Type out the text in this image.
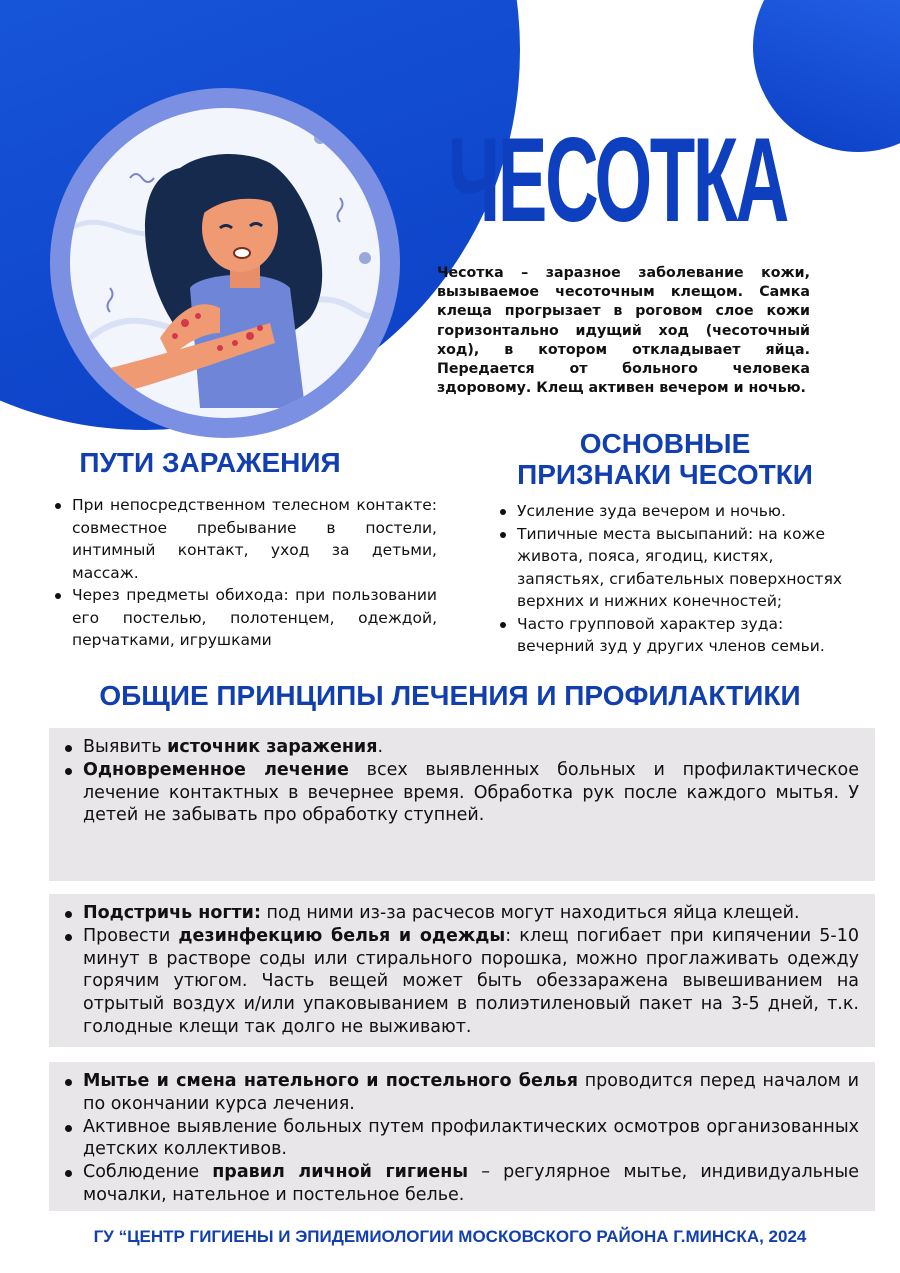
ЧЕСОТКА
Чесотка – заразное заболевание кожи, вызываемое чесоточным клещом. Самка клеща прогрызает в роговом слое кожи горизонтально идущий ход (чесоточный ход), в котором откладывает яйца. Передается от больного человека здоровому. Клещ активен вечером и ночью.
ПУТИ ЗАРАЖЕНИЯ
При непосредственном телесном контакте: совместное пребывание в постели, интимный контакт, уход за детьми, массаж.
Через предметы обихода: при пользовании его постелью, полотенцем, одеждой, перчатками, игрушками
ОСНОВНЫЕ
ПРИЗНАКИ ЧЕСОТКИ
Усиление зуда вечером и ночью.
Типичные места высыпаний: на коже живота, пояса, ягодиц, кистях, запястьях, сгибательных поверхностях верхних и нижних конечностей;
Часто групповой характер зуда: вечерний зуд у других членов семьи.
ОБЩИЕ ПРИНЦИПЫ ЛЕЧЕНИЯ И ПРОФИЛАКТИКИ
Выявить источник заражения.
Одновременное лечение всех выявленных больных и профилактическое лечение контактных в вечернее время. Обработка рук после каждого мытья. У детей не забывать про обработку ступней.
Подстричь ногти: под ними из-за расчесов могут находиться яйца клещей.
Провести дезинфекцию белья и одежды: клещ погибает при кипячении 5-10 минут в растворе соды или стирального порошка, можно проглаживать одежду горячим утюгом. Часть вещей может быть обеззаражена вывешиванием на отрытый воздух и/или упаковыванием в полиэтиленовый пакет на 3-5 дней, т.к. голодные клещи так долго не выживают.
Мытье и смена нательного и постельного белья проводится перед началом и по окончании курса лечения.
Активное выявление больных путем профилактических осмотров организованных детских коллективов.
Соблюдение правил личной гигиены – регулярное мытье, индивидуальные мочалки, нательное и постельное белье.
ГУ “ЦЕНТР ГИГИЕНЫ И ЭПИДЕМИОЛОГИИ МОСКОВСКОГО РАЙОНА Г.МИНСКА, 2024
